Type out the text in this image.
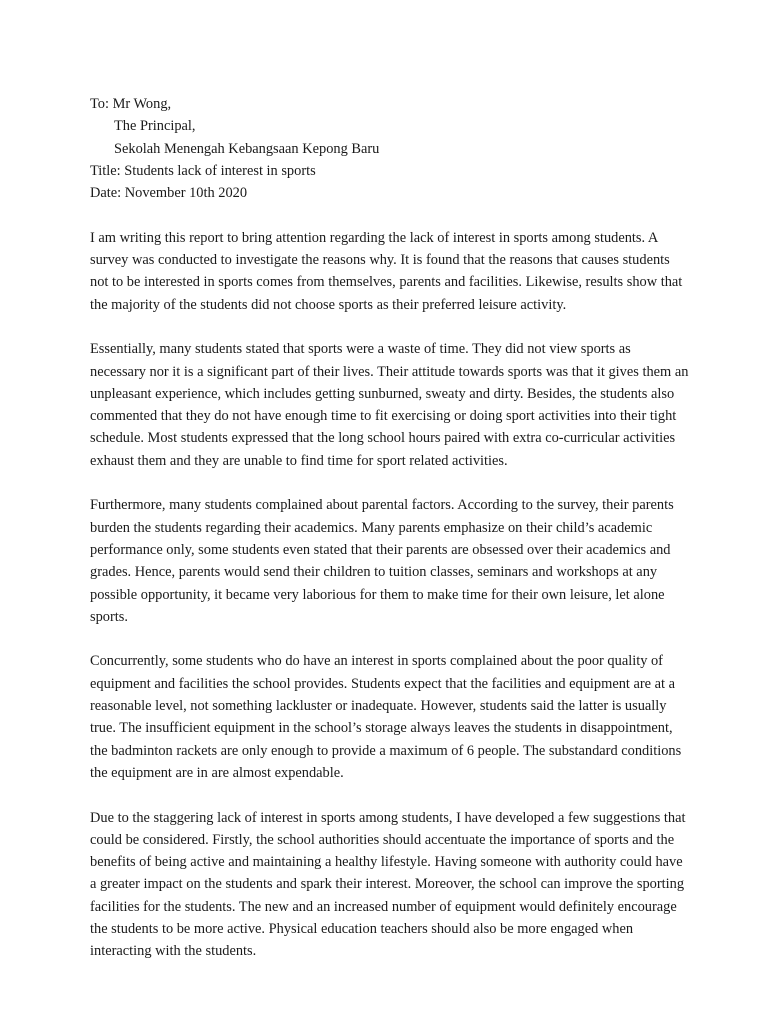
To: Mr Wong,

The Principal,

Sekolah Menengah Kebangsaan Kepong Baru

Title: Students lack of interest in sports

Date: November 10th 2020

I am writing this report to bring attention regarding the lack of interest in sports among students. A survey was conducted to investigate the reasons why. It is found that the reasons that causes students not to be interested in sports comes from themselves, parents and facilities. Likewise, results show that the majority of the students did not choose sports as their preferred leisure activity.

Essentially, many students stated that sports were a waste of time. They did not view sports as necessary nor it is a significant part of their lives. Their attitude towards sports was that it gives them an unpleasant experience, which includes getting sunburned, sweaty and dirty. Besides, the students also commented that they do not have enough time to fit exercising or doing sport activities into their tight schedule. Most students expressed that the long school hours paired with extra co-curricular activities exhaust them and they are unable to find time for sport related activities.

Furthermore, many students complained about parental factors. According to the survey, their parents burden the students regarding their academics. Many parents emphasize on their child’s academic performance only, some students even stated that their parents are obsessed over their academics and grades. Hence, parents would send their children to tuition classes, seminars and workshops at any possible opportunity, it became very laborious for them to make time for their own leisure, let alone sports.

Concurrently, some students who do have an interest in sports complained about the poor quality of equipment and facilities the school provides. Students expect that the facilities and equipment are at a reasonable level, not something lackluster or inadequate. However, students said the latter is usually true. The insufficient equipment in the school’s storage always leaves the students in disappointment, the badminton rackets are only enough to provide a maximum of 6 people. The substandard conditions the equipment are in are almost expendable.

Due to the staggering lack of interest in sports among students, I have developed a few suggestions that could be considered. Firstly, the school authorities should accentuate the importance of sports and the benefits of being active and maintaining a healthy lifestyle. Having someone with authority could have a greater impact on the students and spark their interest. Moreover, the school can improve the sporting facilities for the students. The new and an increased number of equipment would definitely encourage the students to be more active. Physical education teachers should also be more engaged when interacting with the students.
